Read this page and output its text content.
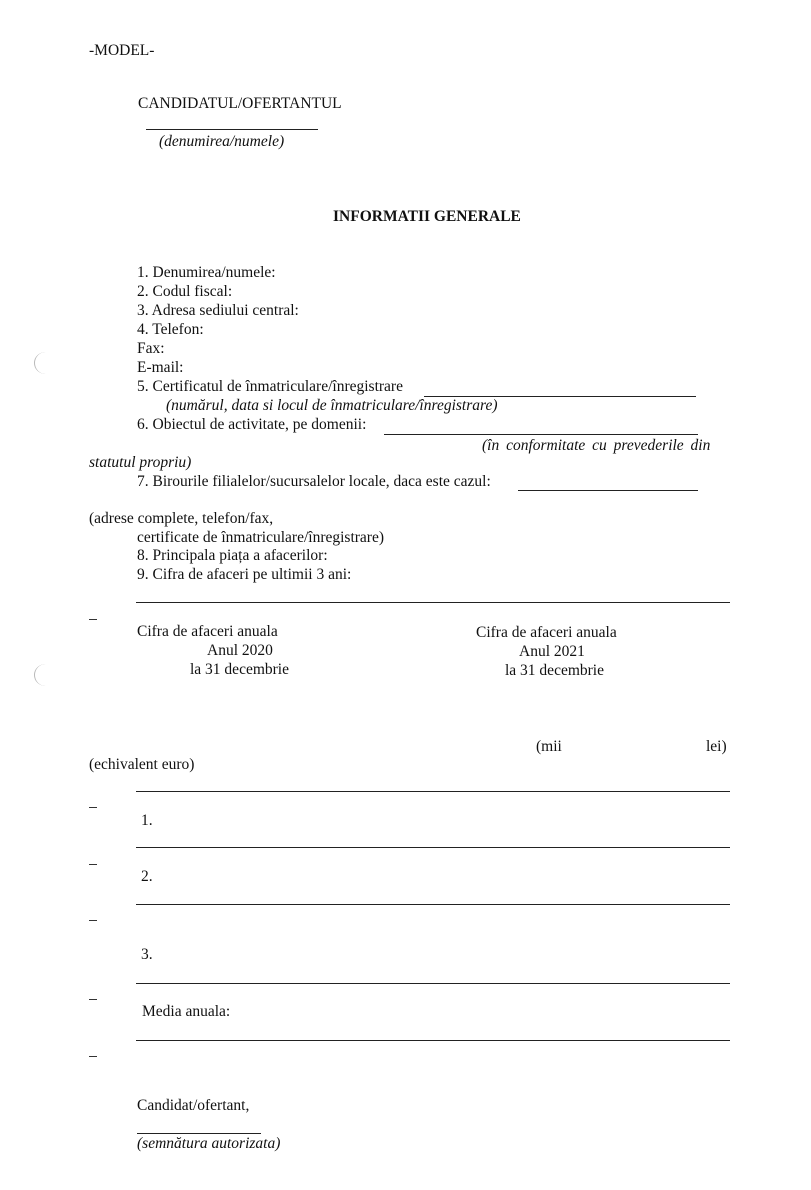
-MODEL-
CANDIDATUL/OFERTANTUL
(denumirea/numele)
INFORMATII GENERALE
1. Denumirea/numele:
2. Codul fiscal:
3. Adresa sediului central:
4. Telefon:
Fax:
E-mail:
5. Certificatul de înmatriculare/înregistrare
(numărul, data si locul de înmatriculare/înregistrare)
6. Obiectul de activitate, pe domenii:
(în conformitate cu prevederile din
statutul propriu)
7. Birourile filialelor/sucursalelor locale, daca este cazul:
(adrese complete, telefon/fax,
certificate de înmatriculare/înregistrare)
8. Principala piața a afacerilor:
9. Cifra de afaceri pe ultimii 3 ani:
Cifra de afaceri anuala
Anul 2020
la 31 decembrie
Cifra de afaceri anuala
Anul 2021
la 31 decembrie
(mii	lei)
(echivalent euro)
1.
2.
3.
Media anuala:
Candidat/ofertant,
(semnătura autorizata)
